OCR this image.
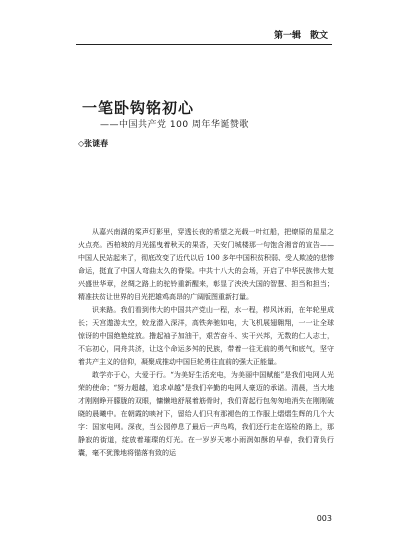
第一辑　散文
一笔卧钩铭初心
——中国共产党 100 周年华诞赞歌
◇张谜春

从嘉兴南湖的桨声灯影里，穿透长夜的希望之光载一叶红船，把燎原的星星之火点亮。西柏坡的月光摇曳着秋天的果香，天安门城楼那一句饱含湘音的宣告——中国人民站起来了，彻底改变了近代以后 100 多年中国积贫积弱、受人欺凌的悲惨命运，挺直了中国人弯曲太久的脊梁。中共十八大的会场，开启了中华民族伟大复兴盛世华章，丝绸之路上的驼铃重新醒来，彰显了泱泱大国的智慧、担当和担当；精准扶贫让世界的目光把雄鸡高昂的广阔版图重新打量。

识来路。我们看到伟大的中国共产党山一程，水一程，栉风沐雨，在年轮里成长；天宫遨游太空，蛟龙潜入深洋，高铁奔驰如电，大飞机展翅翱翔，一一让全球惊讶的中国绝艳绽放。撸起袖子加油干，艰苦奋斗、实干兴邦，无数的仁人志士，不忘初心，同舟共济，让这个命运多舛的民族，带着一往无前的勇气和底气，坚守着共产主义的信仰，凝聚成推动中国巨轮勇往直前的强大正能量。

敢学亦于心，大爱于行。“为美好生活充电，为美丽中国赋能”是我们电网人光荣的使命；“努力超越，追求卓越”是我们辛勤的电网人豪迈的承诺。清晨，当大地才刚刚睁开朦胧的双眼，慵懒地舒展着筋骨时，我们背起行包匆匆地消失在刚刚破晓的晨曦中。在朝霞的映衬下，留给人们只有那褪色的工作服上熠熠生辉的几个大字：国家电网。深夜，当公园停息了最后一声鸟鸣，我们还行走在巡检的路上，那静寂的街道，绽放着璀璨的灯光。在一岁岁天寒小雨润如酥的早春，我们背负行囊，毫不犹豫地将锚落有致的运

003
